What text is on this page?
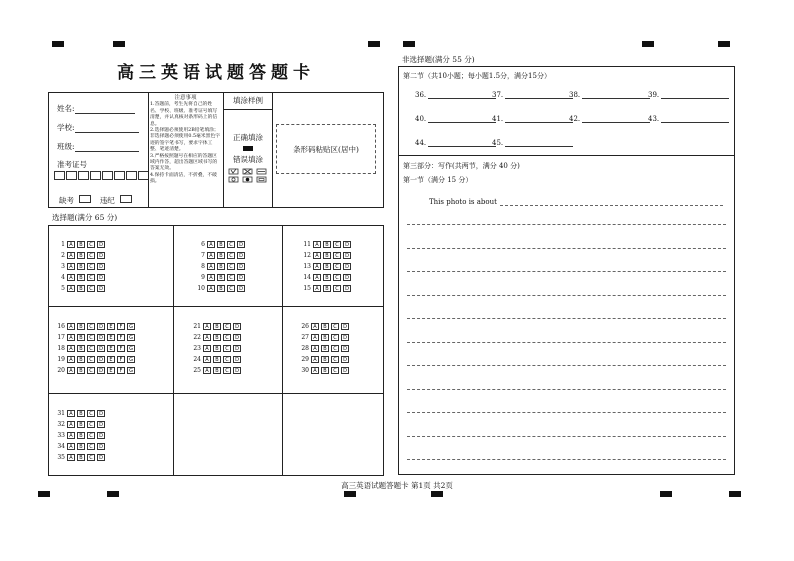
高三英语试题答题卡
姓名:
学校:
班级:
准考证号
缺考	违纪
注意事项
1.答题前，考生先将自己的姓名、学校、班级、准考证号填写清楚，并认真核对条形码上的信息。
2.选择题必须使用2B铅笔填涂；非选择题必须使用0.5毫米黑色字迹的签字笔书写，要求字体工整、笔迹清楚。
3.严格按照题号在相应的答题区域内作答，超出答题区域书写的答案无效。
4.保持卡面清洁，不折叠，不破损。
填涂样例
正确填涂
错误填涂
条形码粘贴区(居中)
选择题(满分 65 分)
1 A	B	C	D
2 A	B	C	D
3 A	B	C	D
4 A	B	C	D
5 A	B	C	D
6 A	B	C	D
7 A	B	C	D
8 A	B	C	D
9 A	B	C	D
10 A	B	C	D
11 A	B	C	D
12 A	B	C	D
13 A	B	C	D
14 A	B	C	D
15 A	B	C	D
16 A	B	C	D	E	F	G
17 A	B	C	D	E	F	G
18 A	B	C	D	E	F	G
19 A	B	C	D	E	F	G
20 A	B	C	D	E	F	G
21 A	B	C	D
22 A	B	C	D
23 A	B	C	D
24 A	B	C	D
25 A	B	C	D
26 A	B	C	D
27 A	B	C	D
28 A	B	C	D
29 A	B	C	D
30 A	B	C	D
31 A	B	C	D
32 A	B	C	D
33 A	B	C	D
34 A	B	C	D
35 A	B	C	D
非选择题(满分 55 分)
第二节（共10小题；每小题1.5分，满分15分）
36.	37.	38.	39.
40.	41.	42.	43.
44.	45.
第三部分：写作(共两节，满分 40 分)
第一节（满分 15 分）
This photo is about
高三英语试题答题卡 第1页 共2页
